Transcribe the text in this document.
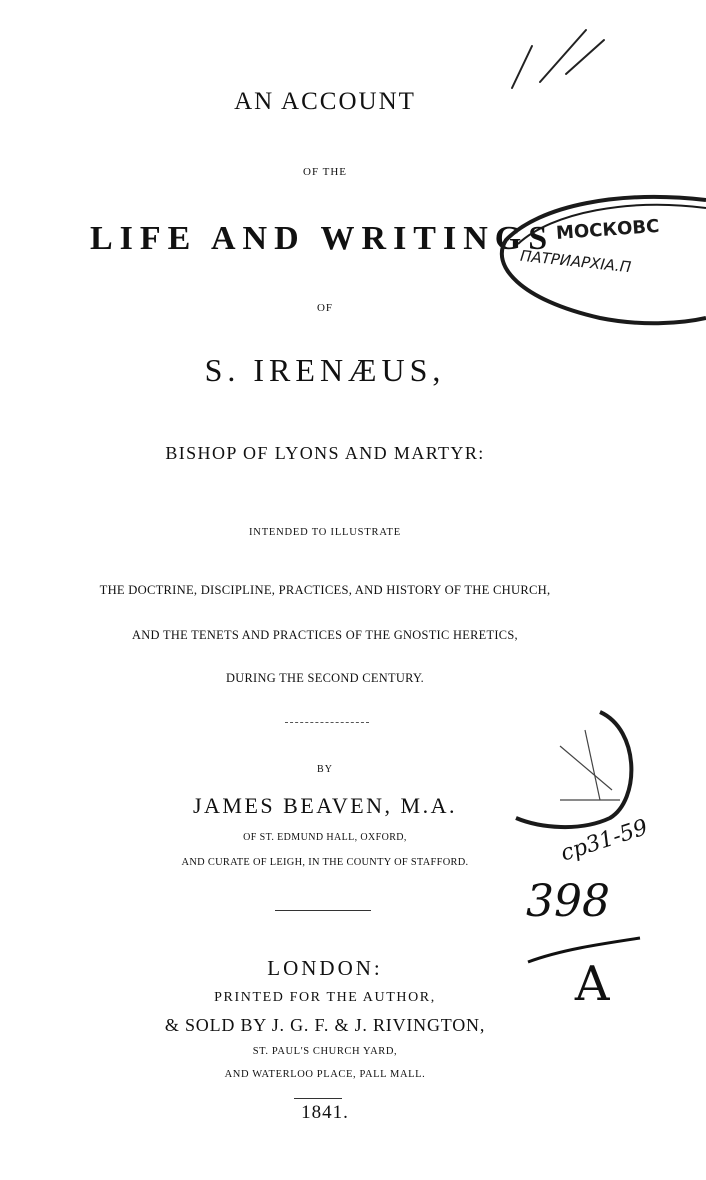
AN ACCOUNT
OF THE
LIFE AND WRITINGS
OF
S. IRENÆUS,
BISHOP OF LYONS AND MARTYR:
INTENDED TO ILLUSTRATE
THE DOCTRINE, DISCIPLINE, PRACTICES, AND HISTORY OF THE CHURCH,
AND THE TENETS AND PRACTICES OF THE GNOSTIC HERETICS,
DURING THE SECOND CENTURY.
BY
JAMES BEAVEN, M.A.
OF ST. EDMUND HALL, OXFORD,
AND CURATE OF LEIGH, IN THE COUNTY OF STAFFORD.
LONDON:
PRINTED FOR THE AUTHOR,
& SOLD BY J. G. F. & J. RIVINGTON,
ST. PAUL'S CHURCH YARD,
AND WATERLOO PLACE, PALL MALL.
1841.
МОСКОВС
ПАТРИАРХІА.П
ср31-59
398
А
